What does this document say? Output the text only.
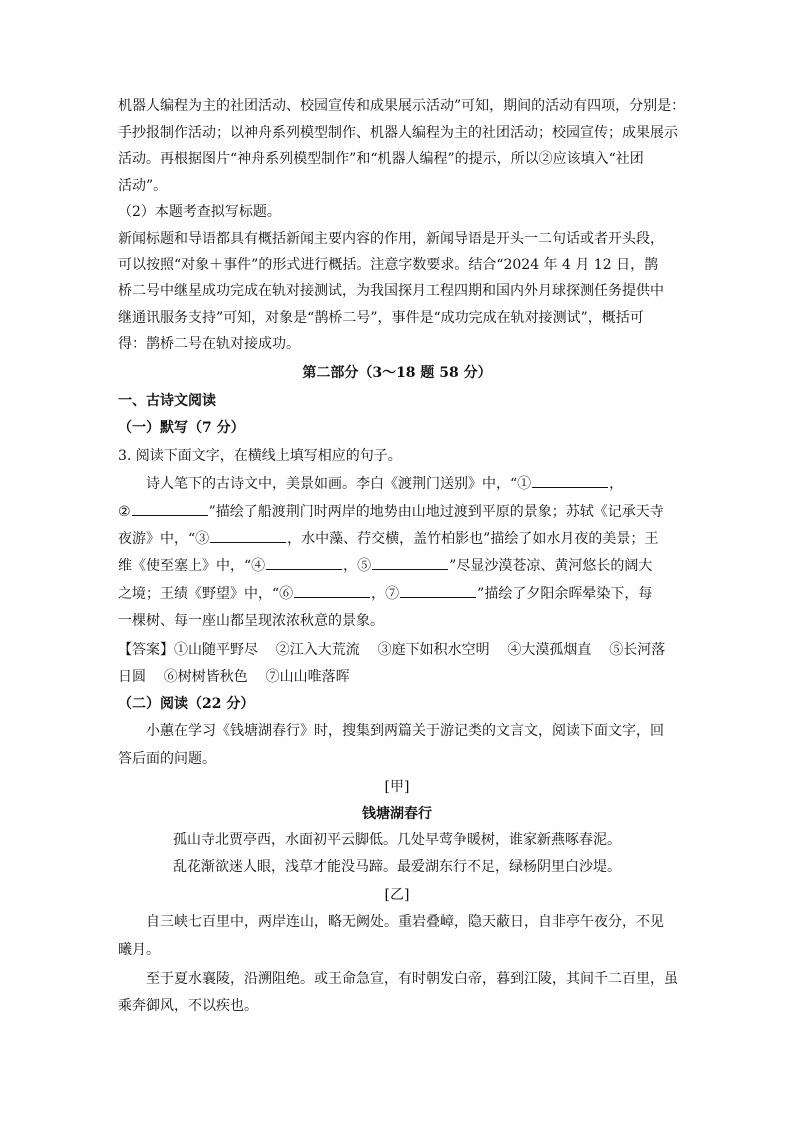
机器人编程为主的社团活动、校园宣传和成果展示活动”可知，期间的活动有四项，分别是：
手抄报制作活动；以神舟系列模型制作、机器人编程为主的社团活动；校园宣传；成果展示
活动。再根据图片“神舟系列模型制作”和“机器人编程”的提示，所以②应该填入“社团
活动”。
（2）本题考查拟写标题。
新闻标题和导语都具有概括新闻主要内容的作用，新闻导语是开头一二句话或者开头段，
可以按照“对象＋事件”的形式进行概括。注意字数要求。结合“2024 年 4 月 12 日，鹊
桥二号中继星成功完成在轨对接测试，为我国探月工程四期和国内外月球探测任务提供中
继通讯服务支持”可知，对象是“鹊桥二号”，事件是“成功完成在轨对接测试”，概括可
得：鹊桥二号在轨对接成功。
第二部分（3～18 题 58 分）
一、古诗文阅读
（一）默写（7 分）
3. 阅读下面文字，在横线上填写相应的句子。
诗人笔下的古诗文中，美景如画。李白《渡荆门送别》中，“①	，
②	”描绘了船渡荆门时两岸的地势由山地过渡到平原的景象；苏轼《记承天寺
夜游》中，“③	，水中藻、荇交横，盖竹柏影也”描绘了如水月夜的美景；王
维《使至塞上》中，“④	，⑤	”尽显沙漠苍凉、黄河悠长的阔大
之境；王绩《野望》中，“⑥	，⑦	”描绘了夕阳余晖晕染下，每
一棵树、每一座山都呈现浓浓秋意的景象。
【答案】①山随平野尽    ②江入大荒流    ③庭下如积水空明    ④大漠孤烟直    ⑤长河落
日圆    ⑥树树皆秋色    ⑦山山唯落晖
（二）阅读（22 分）
小蕙在学习《钱塘湖春行》时，搜集到两篇关于游记类的文言文，阅读下面文字，回
答后面的问题。
[甲]
钱塘湖春行
孤山寺北贾亭西，水面初平云脚低。几处早莺争暖树，谁家新燕啄春泥。
乱花渐欲迷人眼，浅草才能没马蹄。最爱湖东行不足，绿杨阴里白沙堤。
[乙]
自三峡七百里中，两岸连山，略无阙处。重岩叠嶂，隐天蔽日，自非亭午夜分，不见
曦月。
至于夏水襄陵，沿溯阻绝。或王命急宣，有时朝发白帝，暮到江陵，其间千二百里，虽
乘奔御风，不以疾也。
